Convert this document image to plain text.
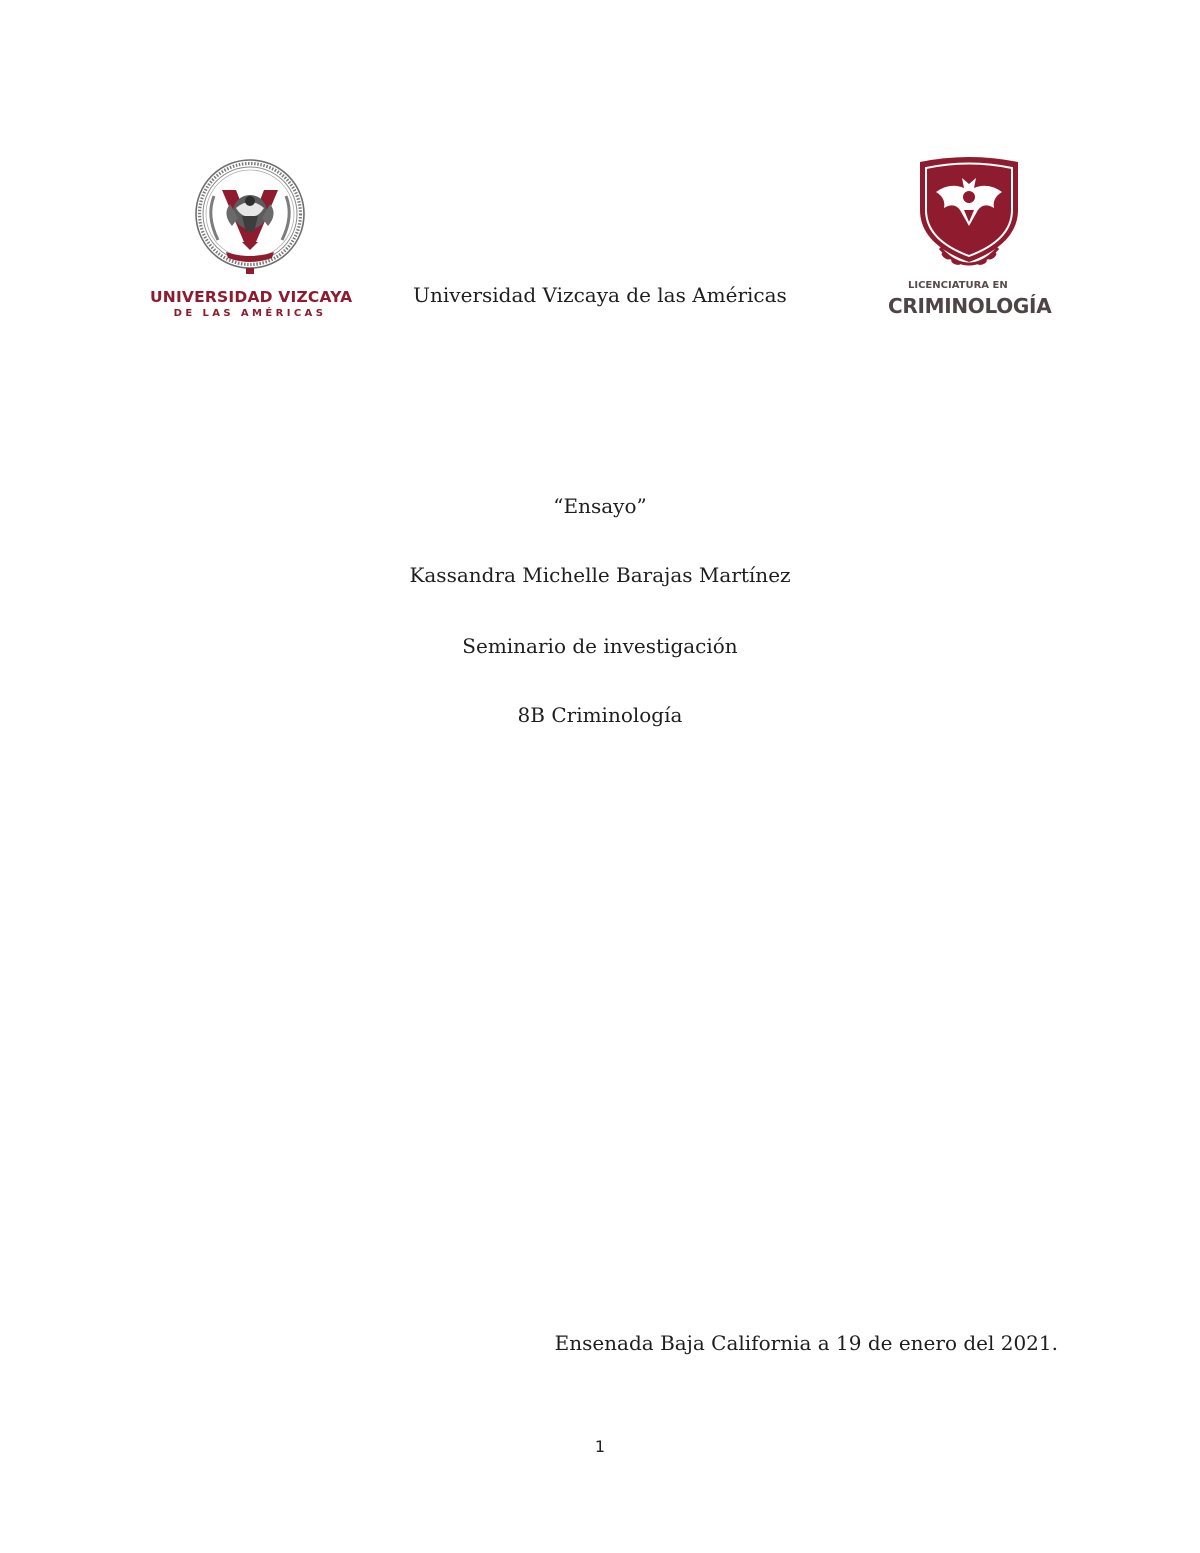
UNIVERSIDAD VIZCAYA
DE LAS AMÉRICAS
Universidad Vizcaya de las Américas	LICENCIATURA EN
CRIMINOLOGÍA
“Ensayo”
Kassandra Michelle Barajas Martínez
Seminario de investigación
8B Criminología
Ensenada Baja California a 19 de enero del 2021.
1
